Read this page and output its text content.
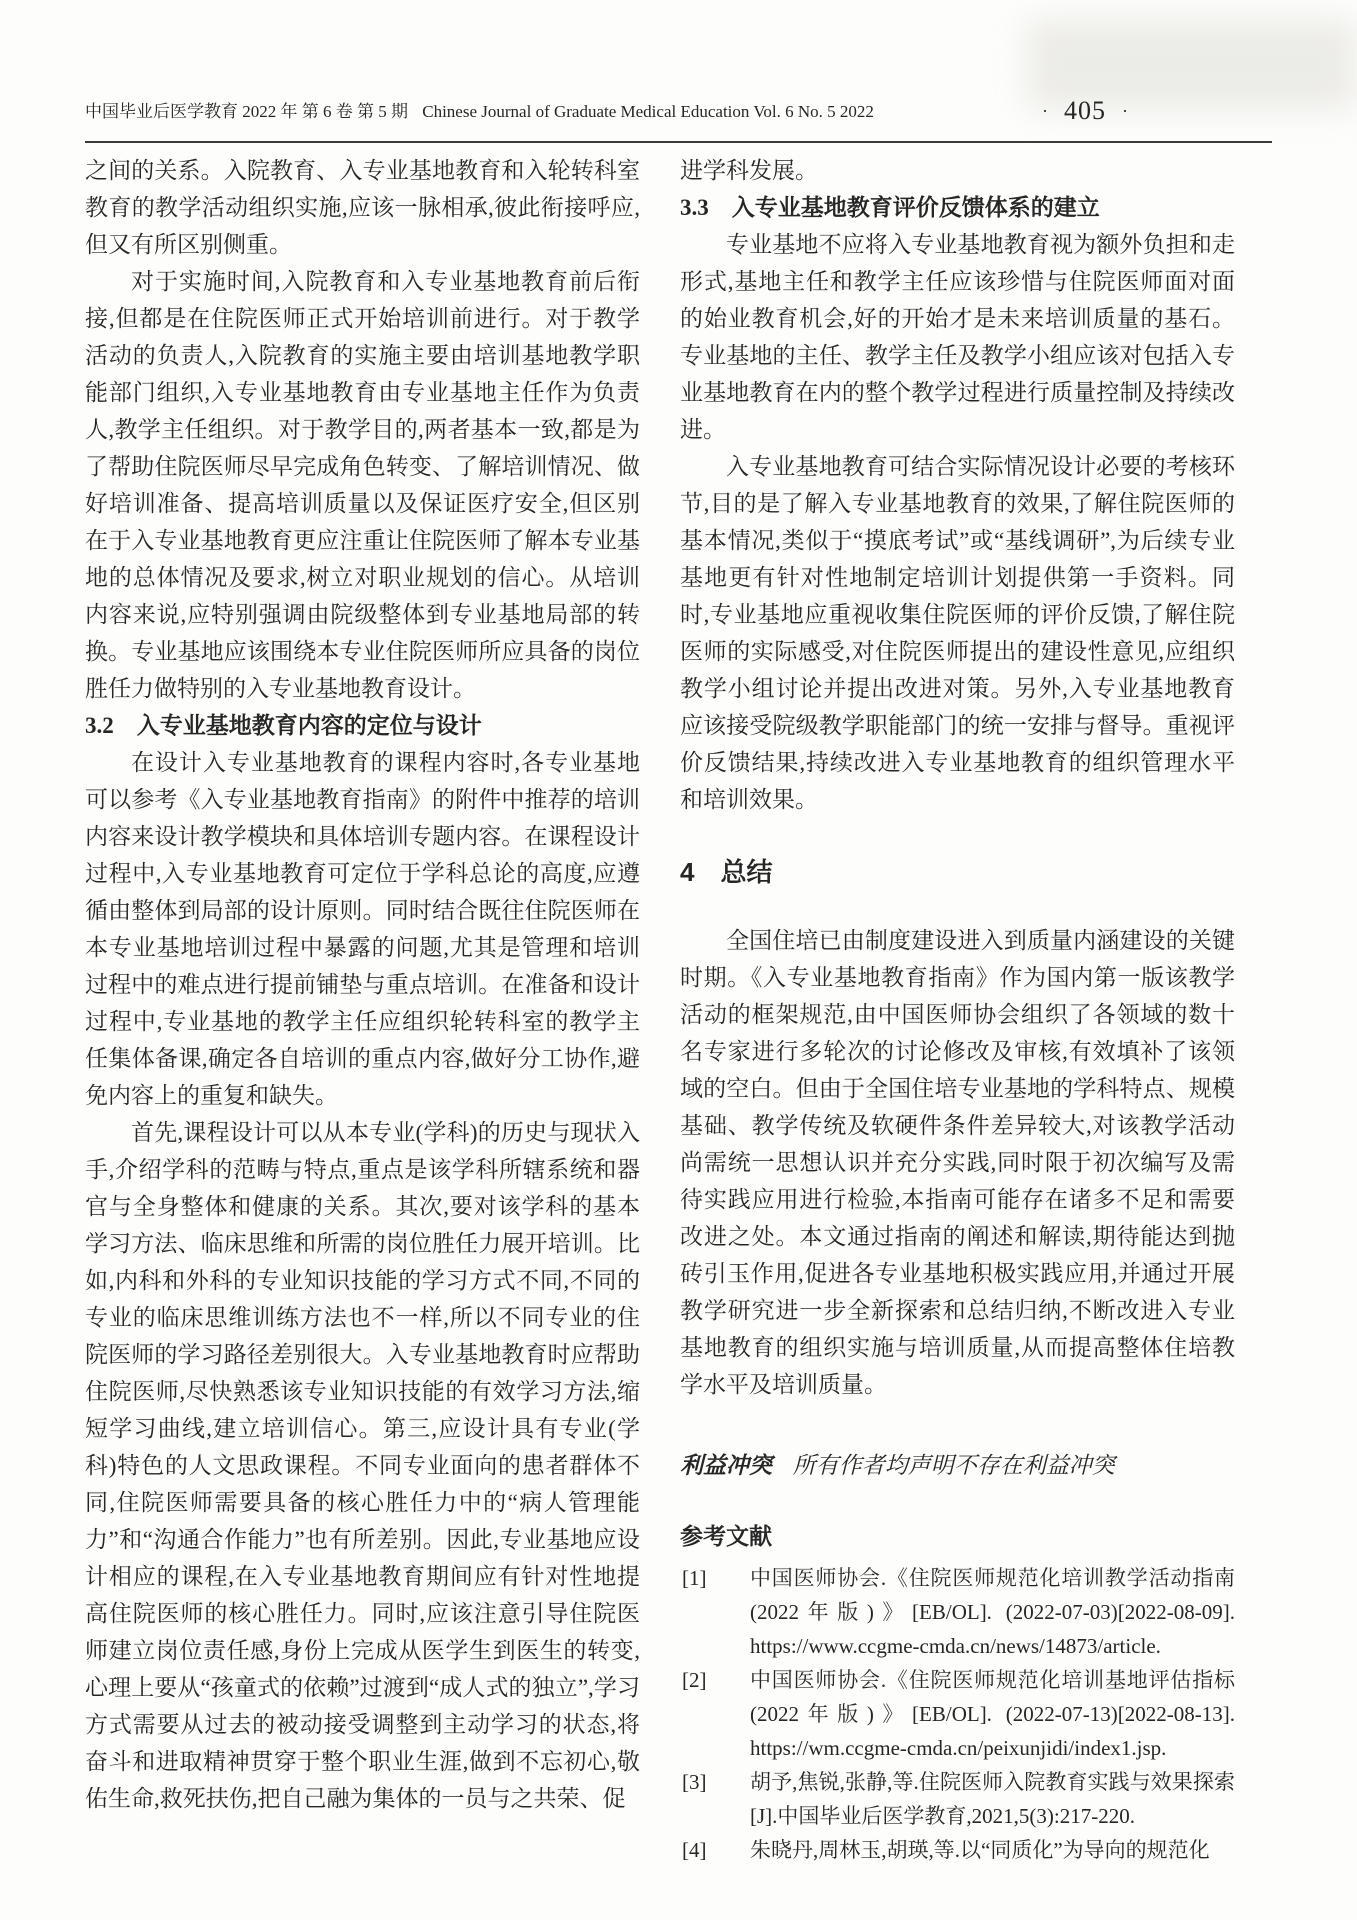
中国毕业后医学教育 2022 年 第 6 卷 第 5 期 Chinese Journal of Graduate Medical Education Vol. 6 No. 5 2022	· 405 ·
之间的关系。入院教育、入专业基地教育和入轮转科室教育的教学活动组织实施,应该一脉相承,彼此衔接呼应,但又有所区别侧重。
对于实施时间,入院教育和入专业基地教育前后衔接,但都是在住院医师正式开始培训前进行。对于教学活动的负责人,入院教育的实施主要由培训基地教学职能部门组织,入专业基地教育由专业基地主任作为负责人,教学主任组织。对于教学目的,两者基本一致,都是为了帮助住院医师尽早完成角色转变、了解培训情况、做好培训准备、提高培训质量以及保证医疗安全,但区别在于入专业基地教育更应注重让住院医师了解本专业基地的总体情况及要求,树立对职业规划的信心。从培训内容来说,应特别强调由院级整体到专业基地局部的转换。专业基地应该围绕本专业住院医师所应具备的岗位胜任力做特别的入专业基地教育设计。
3.2　入专业基地教育内容的定位与设计
在设计入专业基地教育的课程内容时,各专业基地可以参考《入专业基地教育指南》的附件中推荐的培训内容来设计教学模块和具体培训专题内容。在课程设计过程中,入专业基地教育可定位于学科总论的高度,应遵循由整体到局部的设计原则。同时结合既往住院医师在本专业基地培训过程中暴露的问题,尤其是管理和培训过程中的难点进行提前铺垫与重点培训。在准备和设计过程中,专业基地的教学主任应组织轮转科室的教学主任集体备课,确定各自培训的重点内容,做好分工协作,避免内容上的重复和缺失。
首先,课程设计可以从本专业(学科)的历史与现状入手,介绍学科的范畴与特点,重点是该学科所辖系统和器官与全身整体和健康的关系。其次,要对该学科的基本学习方法、临床思维和所需的岗位胜任力展开培训。比如,内科和外科的专业知识技能的学习方式不同,不同的专业的临床思维训练方法也不一样,所以不同专业的住院医师的学习路径差别很大。入专业基地教育时应帮助住院医师,尽快熟悉该专业知识技能的有效学习方法,缩短学习曲线,建立培训信心。第三,应设计具有专业(学科)特色的人文思政课程。不同专业面向的患者群体不同,住院医师需要具备的核心胜任力中的“病人管理能力”和“沟通合作能力”也有所差别。因此,专业基地应设计相应的课程,在入专业基地教育期间应有针对性地提高住院医师的核心胜任力。同时,应该注意引导住院医师建立岗位责任感,身份上完成从医学生到医生的转变,心理上要从“孩童式的依赖”过渡到“成人式的独立”,学习方式需要从过去的被动接受调整到主动学习的状态,将奋斗和进取精神贯穿于整个职业生涯,做到不忘初心,敬佑生命,救死扶伤,把自己融为集体的一员与之共荣、促
进学科发展。
3.3　入专业基地教育评价反馈体系的建立
专业基地不应将入专业基地教育视为额外负担和走形式,基地主任和教学主任应该珍惜与住院医师面对面的始业教育机会,好的开始才是未来培训质量的基石。专业基地的主任、教学主任及教学小组应该对包括入专业基地教育在内的整个教学过程进行质量控制及持续改进。
入专业基地教育可结合实际情况设计必要的考核环节,目的是了解入专业基地教育的效果,了解住院医师的基本情况,类似于“摸底考试”或“基线调研”,为后续专业基地更有针对性地制定培训计划提供第一手资料。同时,专业基地应重视收集住院医师的评价反馈,了解住院医师的实际感受,对住院医师提出的建设性意见,应组织教学小组讨论并提出改进对策。另外,入专业基地教育应该接受院级教学职能部门的统一安排与督导。重视评价反馈结果,持续改进入专业基地教育的组织管理水平和培训效果。
4　总结
全国住培已由制度建设进入到质量内涵建设的关键时期。《入专业基地教育指南》作为国内第一版该教学活动的框架规范,由中国医师协会组织了各领域的数十名专家进行多轮次的讨论修改及审核,有效填补了该领域的空白。但由于全国住培专业基地的学科特点、规模基础、教学传统及软硬件条件差异较大,对该教学活动尚需统一思想认识并充分实践,同时限于初次编写及需待实践应用进行检验,本指南可能存在诸多不足和需要改进之处。本文通过指南的阐述和解读,期待能达到抛砖引玉作用,促进各专业基地积极实践应用,并通过开展教学研究进一步全新探索和总结归纳,不断改进入专业基地教育的组织实施与培训质量,从而提高整体住培教学水平及培训质量。
利益冲突 所有作者均声明不存在利益冲突
参考文献
[1] 中国医师协会.《住院医师规范化培训教学活动指南(2022年版)》[EB/OL]. (2022-07-03)[2022-08-09]. https://www.ccgme-cmda.cn/news/14873/article.
[2] 中国医师协会.《住院医师规范化培训基地评估指标(2022年版)》[EB/OL]. (2022-07-13)[2022-08-13]. https://wm.ccgme-cmda.cn/peixunjidi/index1.jsp.
[3] 胡予,焦锐,张静,等.住院医师入院教育实践与效果探索[J].中国毕业后医学教育,2021,5(3):217-220.
[4] 朱晓丹,周林玉,胡瑛,等.以“同质化”为导向的规范化
